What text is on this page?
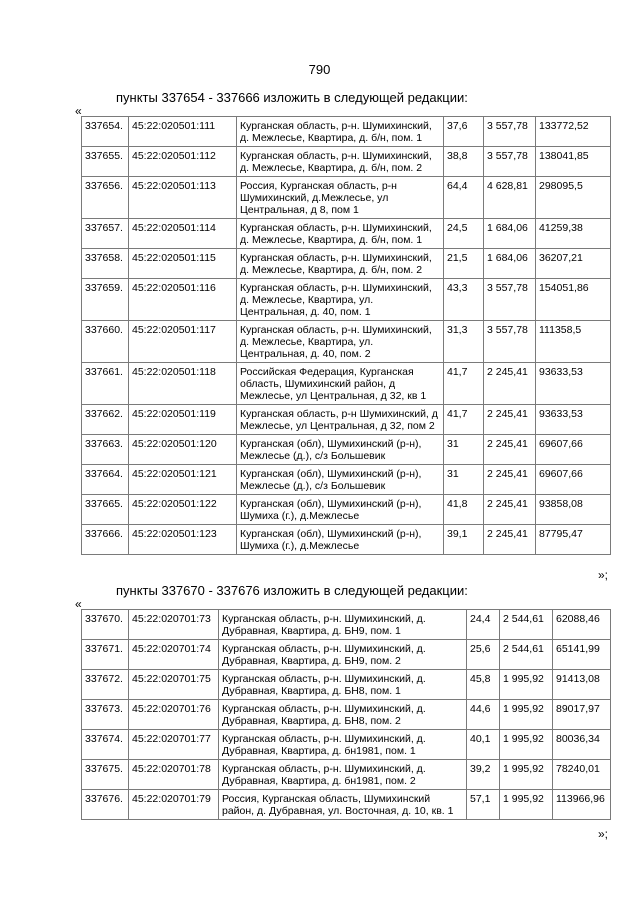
790
пункты 337654 - 337666 изложить в следующей редакции:
«
337654.	45:22:020501:111	Курганская область, р-н. Шумихинский, д. Межлесье, Квартира, д. б/н, пом. 1	37,6	3 557,78	133772,52
337655.	45:22:020501:112	Курганская область, р-н. Шумихинский, д. Межлесье, Квартира, д. б/н, пом. 2	38,8	3 557,78	138041,85
337656.	45:22:020501:113	Россия, Курганская область, р-н Шумихинский, д.Межлесье, ул Центральная, д 8, пом 1	64,4	4 628,81	298095,5
337657.	45:22:020501:114	Курганская область, р-н. Шумихинский, д. Межлесье, Квартира, д. б/н, пом. 1	24,5	1 684,06	41259,38
337658.	45:22:020501:115	Курганская область, р-н. Шумихинский, д. Межлесье, Квартира, д. б/н, пом. 2	21,5	1 684,06	36207,21
337659.	45:22:020501:116	Курганская область, р-н. Шумихинский, д. Межлесье, Квартира, ул. Центральная, д. 40, пом. 1	43,3	3 557,78	154051,86
337660.	45:22:020501:117	Курганская область, р-н. Шумихинский, д. Межлесье, Квартира, ул. Центральная, д. 40, пом. 2	31,3	3 557,78	111358,5
337661.	45:22:020501:118	Российская Федерация, Курганская область, Шумихинский район, д Межлесье, ул Центральная, д 32, кв 1	41,7	2 245,41	93633,53
337662.	45:22:020501:119	Курганская область, р-н Шумихинский, д Межлесье, ул Центральная, д 32, пом 2	41,7	2 245,41	93633,53
337663.	45:22:020501:120	Курганская (обл), Шумихинский (р-н), Межлесье (д.), с/з Большевик	31	2 245,41	69607,66
337664.	45:22:020501:121	Курганская (обл), Шумихинский (р-н), Межлесье (д.), с/з Большевик	31	2 245,41	69607,66
337665.	45:22:020501:122	Курганская (обл), Шумихинский (р-н), Шумиха (г.), д.Межлесье	41,8	2 245,41	93858,08
337666.	45:22:020501:123	Курганская (обл), Шумихинский (р-н), Шумиха (г.), д.Межлесье	39,1	2 245,41	87795,47
»;
пункты 337670 - 337676 изложить в следующей редакции:
«
337670.	45:22:020701:73	Курганская область, р-н. Шумихинский, д. Дубравная, Квартира, д. БН9, пом. 1	24,4	2 544,61	62088,46
337671.	45:22:020701:74	Курганская область, р-н. Шумихинский, д. Дубравная, Квартира, д. БН9, пом. 2	25,6	2 544,61	65141,99
337672.	45:22:020701:75	Курганская область, р-н. Шумихинский, д. Дубравная, Квартира, д. БН8, пом. 1	45,8	1 995,92	91413,08
337673.	45:22:020701:76	Курганская область, р-н. Шумихинский, д. Дубравная, Квартира, д. БН8, пом. 2	44,6	1 995,92	89017,97
337674.	45:22:020701:77	Курганская область, р-н. Шумихинский, д. Дубравная, Квартира, д. бн1981, пом. 1	40,1	1 995,92	80036,34
337675.	45:22:020701:78	Курганская область, р-н. Шумихинский, д. Дубравная, Квартира, д. бн1981, пом. 2	39,2	1 995,92	78240,01
337676.	45:22:020701:79	Россия, Курганская область, Шумихинский район, д. Дубравная, ул. Восточная, д. 10, кв. 1	57,1	1 995,92	113966,96
»;
